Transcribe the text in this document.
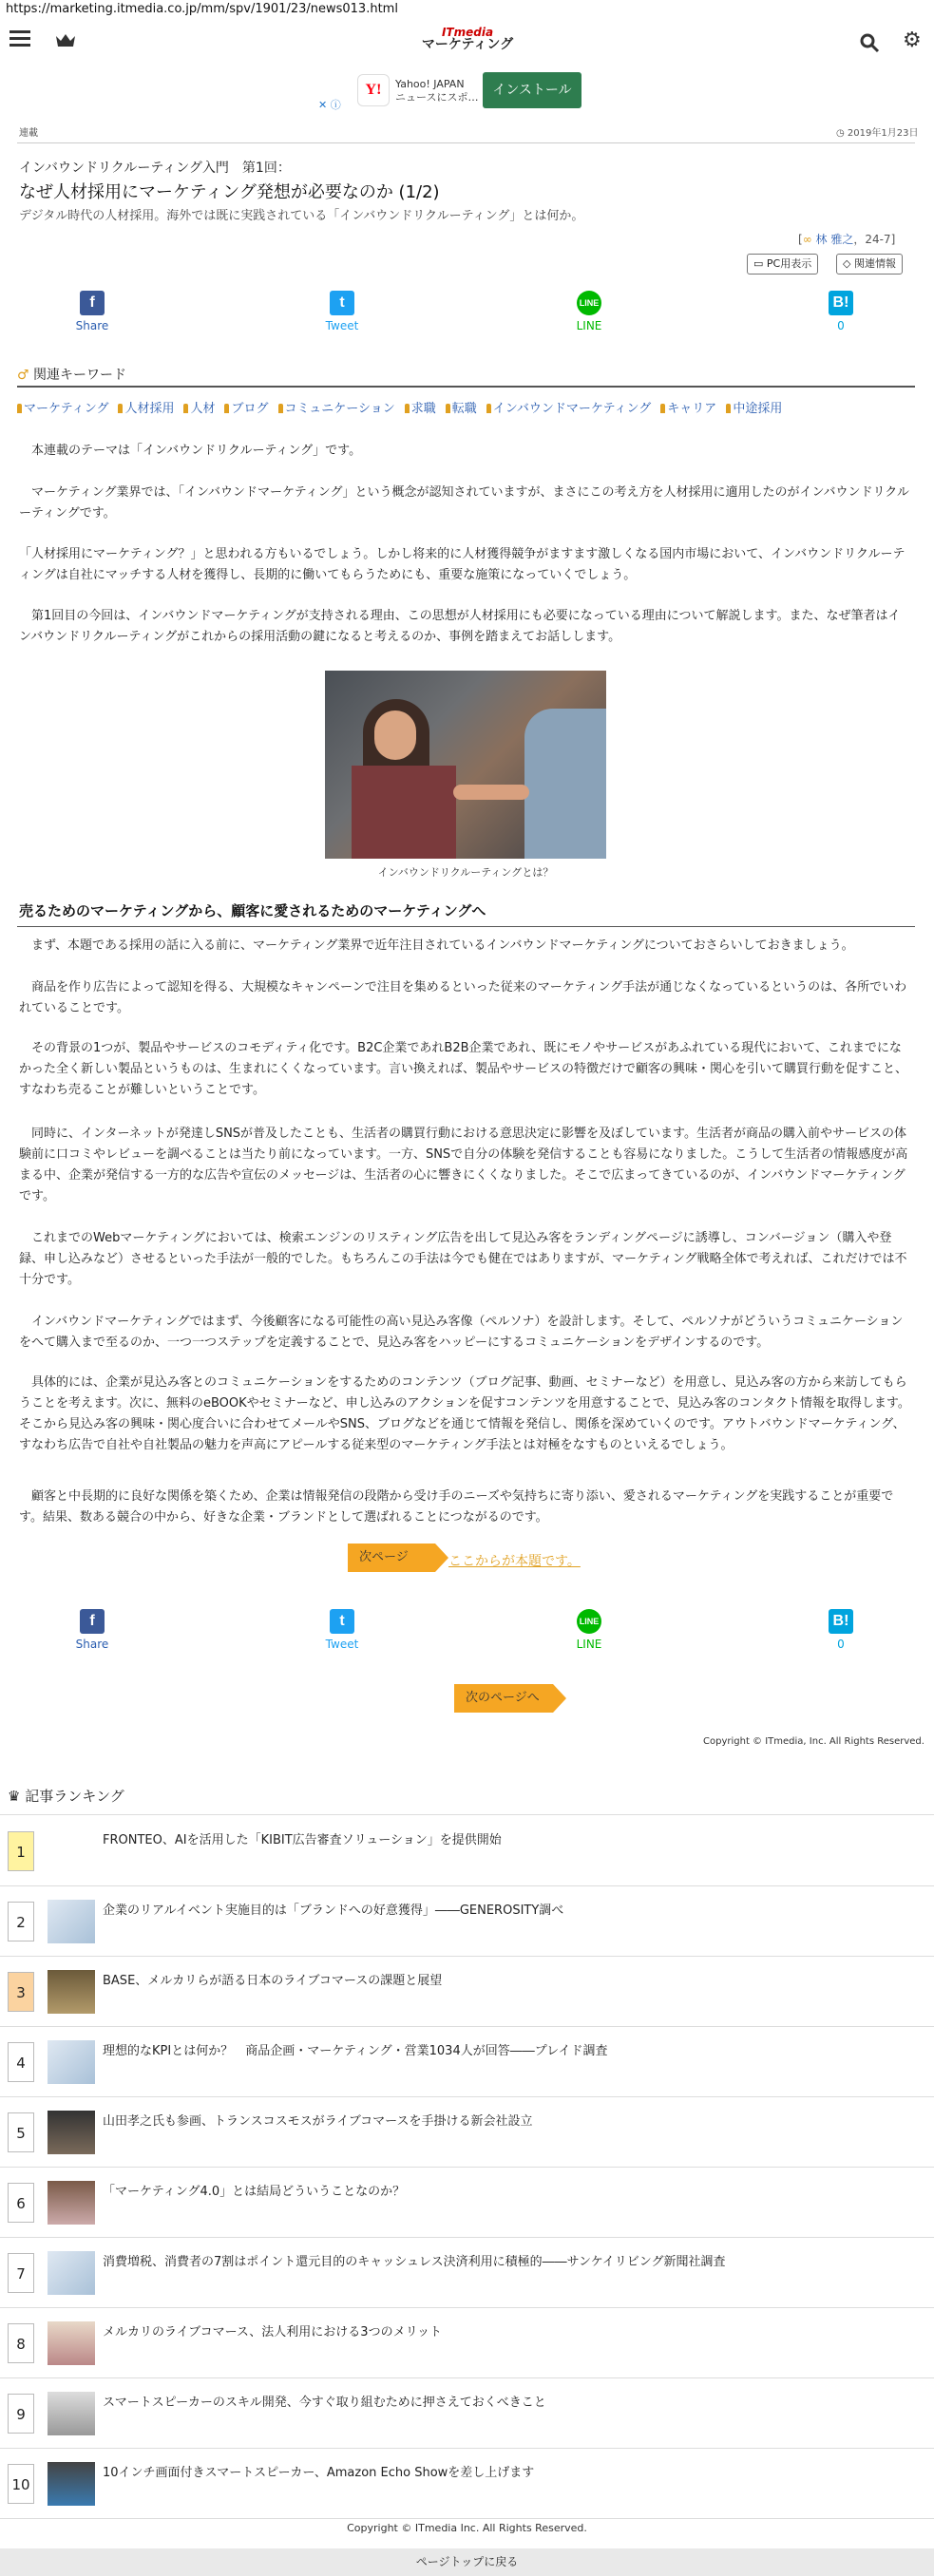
https://marketing.itmedia.co.jp/mm/spv/1901/23/news013.html
ITmedia
マーケティング	⚙
✕ ⓘ
Y!	Yahoo! JAPAN
ニュースにスポ…	インストール
連載	◷ 2019年1月23日
インバウンドリクルーティング入門　第1回：
なぜ人材採用にマーケティング発想が必要なのか (1/2)
デジタル時代の人材採用。海外では既に実践されている「インバウンドリクルーティング」とは何か。
[∞ 林 雅之，24-7]
▭ PC用表示	◇ 関連情報
f
Share
t
Tweet
LINE
LINE
B!
0
♂ 関連キーワード
マーケティング 人材採用 人材 ブログ コミュニケーション 求職 転職 インバウンドマーケティング キャリア 中途採用
　本連載のテーマは「インバウンドリクルーティング」です。
　マーケティング業界では、「インバウンドマーケティング」という概念が認知されていますが、まさにこの考え方を人材採用に適用したのがインバウンドリクルーティングです。
「人材採用にマーケティング？」と思われる方もいるでしょう。しかし将来的に人材獲得競争がますます激しくなる国内市場において、インバウンドリクルーティングは自社にマッチする人材を獲得し、長期的に働いてもらうためにも、重要な施策になっていくでしょう。
　第1回目の今回は、インバウンドマーケティングが支持される理由、この思想が人材採用にも必要になっている理由について解説します。また、なぜ筆者はインバウンドリクルーティングがこれからの採用活動の鍵になると考えるのか、事例を踏まえてお話しします。
インバウンドリクルーティングとは？
売るためのマーケティングから、顧客に愛されるためのマーケティングへ
　まず、本題である採用の話に入る前に、マーケティング業界で近年注目されているインバウンドマーケティングについておさらいしておきましょう。
　商品を作り広告によって認知を得る、大規模なキャンペーンで注目を集めるといった従来のマーケティング手法が通じなくなっているというのは、各所でいわれていることです。
　その背景の1つが、製品やサービスのコモディティ化です。B2C企業であれB2B企業であれ、既にモノやサービスがあふれている現代において、これまでになかった全く新しい製品というものは、生まれにくくなっています。言い換えれば、製品やサービスの特徴だけで顧客の興味・関心を引いて購買行動を促すこと、すなわち売ることが難しいということです。
　同時に、インターネットが発達しSNSが普及したことも、生活者の購買行動における意思決定に影響を及ぼしています。生活者が商品の購入前やサービスの体験前に口コミやレビューを調べることは当たり前になっています。一方、SNSで自分の体験を発信することも容易になりました。こうして生活者の情報感度が高まる中、企業が発信する一方的な広告や宣伝のメッセージは、生活者の心に響きにくくなりました。そこで広まってきているのが、インバウンドマーケティングです。
　これまでのWebマーケティングにおいては、検索エンジンのリスティング広告を出して見込み客をランディングページに誘導し、コンバージョン（購入や登録、申し込みなど）させるといった手法が一般的でした。もちろんこの手法は今でも健在ではありますが、マーケティング戦略全体で考えれば、これだけでは不十分です。
　インバウンドマーケティングではまず、今後顧客になる可能性の高い見込み客像（ペルソナ）を設計します。そして、ペルソナがどういうコミュニケーションをへて購入まで至るのか、一つ一つステップを定義することで、見込み客をハッピーにするコミュニケーションをデザインするのです。
　具体的には、企業が見込み客とのコミュニケーションをするためのコンテンツ（ブログ記事、動画、セミナーなど）を用意し、見込み客の方から来訪してもらうことを考えます。次に、無料のeBOOKやセミナーなど、申し込みのアクションを促すコンテンツを用意することで、見込み客のコンタクト情報を取得します。そこから見込み客の興味・関心度合いに合わせてメールやSNS、ブログなどを通じて情報を発信し、関係を深めていくのです。アウトバウンドマーケティング、すなわち広告で自社や自社製品の魅力を声高にアピールする従来型のマーケティング手法とは対極をなすものといえるでしょう。
　顧客と中長期的に良好な関係を築くため、企業は情報発信の段階から受け手のニーズや気持ちに寄り添い、愛されるマーケティングを実践することが重要です。結果、数ある競合の中から、好きな企業・ブランドとして選ばれることにつながるのです。
次ページ	ここからが本題です。
f
Share
t
Tweet
LINE
LINE
B!
0
次のページへ
Copyright © ITmedia, Inc. All Rights Reserved.
♛ 記事ランキング
1
FRONTEO、AIを活用した「KIBIT広告審査ソリューション」を提供開始
2
企業のリアルイベント実施目的は「ブランドへの好意獲得」――GENEROSITY調べ
3
BASE、メルカリらが語る日本のライブコマースの課題と展望
4
理想的なKPIとは何か？　商品企画・マーケティング・営業1034人が回答――プレイド調査
5
山田孝之氏も参画、トランスコスモスがライブコマースを手掛ける新会社設立
6
「マーケティング4.0」とは結局どういうことなのか？
7
消費増税、消費者の7割はポイント還元目的のキャッシュレス決済利用に積極的――サンケイリビング新聞社調査
8
メルカリのライブコマース、法人利用における3つのメリット
9
スマートスピーカーのスキル開発、今すぐ取り組むために押さえておくべきこと
10
10インチ画面付きスマートスピーカー、Amazon Echo Showを差し上げます
Copyright © ITmedia Inc. All Rights Reserved.
ページトップに戻る
